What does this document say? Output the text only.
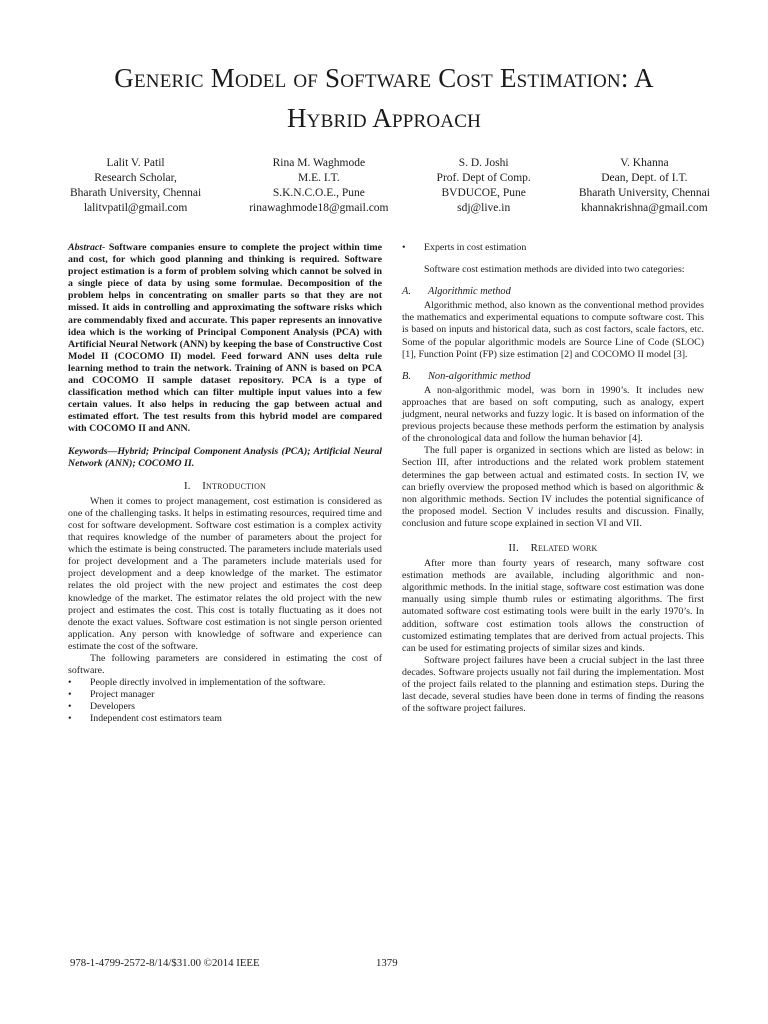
Generic Model of Software Cost Estimation: A
Hybrid Approach
Lalit V. Patil
Research Scholar,
Bharath University, Chennai
lalitvpatil@gmail.com
Rina M. Waghmode
M.E. I.T.
S.K.N.C.O.E., Pune
rinawaghmode18@gmail.com
S. D. Joshi
Prof. Dept of Comp.
BVDUCOE, Pune
sdj@live.in
V. Khanna
Dean, Dept. of I.T.
Bharath University, Chennai
khannakrishna@gmail.com

Abstract- Software companies ensure to complete the project within time and cost, for which good planning and thinking is required. Software project estimation is a form of problem solving which cannot be solved in a single piece of data by using some formulae. Decomposition of the problem helps in concentrating on smaller parts so that they are not missed. It aids in controlling and approximating the software risks which are commendably fixed and accurate. This paper represents an innovative idea which is the working of Principal Component Analysis (PCA) with Artificial Neural Network (ANN) by keeping the base of Constructive Cost Model II (COCOMO II) model. Feed forward ANN uses delta rule learning method to train the network. Training of ANN is based on PCA and COCOMO II sample dataset repository. PCA is a type of classification method which can filter multiple input values into a few certain values. It also helps in reducing the gap between actual and estimated effort. The test results from this hybrid model are compared with COCOMO II and ANN.

Keywords—Hybrid; Principal Component Analysis (PCA); Artificial Neural Network (ANN); COCOMO II.

I. Introduction

When it comes to project management, cost estimation is considered as one of the challenging tasks. It helps in estimating resources, required time and cost for software development. Software cost estimation is a complex activity that requires knowledge of the number of parameters about the project for which the estimate is being constructed. The parameters include materials used for project development and a The parameters include materials used for project development and a deep knowledge of the market. The estimator relates the old project with the new project and estimates the cost deep knowledge of the market. The estimator relates the old project with the new project and estimates the cost. This cost is totally fluctuating as it does not denote the exact values. Software cost estimation is not single person oriented application. Any person with knowledge of software and experience can estimate the cost of the software.

The following parameters are considered in estimating the cost of software.

• People directly involved in implementation of the software.
• Project manager
• Developers
• Independent cost estimators team
• Experts in cost estimation

Software cost estimation methods are divided into two categories:

A. Algorithmic method

Algorithmic method, also known as the conventional method provides the mathematics and experimental equations to compute software cost. This is based on inputs and historical data, such as cost factors, scale factors, etc. Some of the popular algorithmic models are Source Line of Code (SLOC) [1], Function Point (FP) size estimation [2] and COCOMO II model [3].

B. Non-algorithmic method

A non-algorithmic model, was born in 1990’s. It includes new approaches that are based on soft computing, such as analogy, expert judgment, neural networks and fuzzy logic. It is based on information of the previous projects because these methods perform the estimation by analysis of the chronological data and follow the human behavior [4].

The full paper is organized in sections which are listed as below: in Section III, after introductions and the related work problem statement determines the gap between actual and estimated costs. In section IV, we can briefly overview the proposed method which is based on algorithmic & non algorithmic methods. Section IV includes the potential significance of the proposed model. Section V includes results and discussion. Finally, conclusion and future scope explained in section VI and VII.

II. Related work

After more than fourty years of research, many software cost estimation methods are available, including algorithmic and non-algorithmic methods. In the initial stage, software cost estimation was done manually using simple thumb rules or estimating algorithms. The first automated software cost estimating tools were built in the early 1970’s. In addition, software cost estimation tools allows the construction of customized estimating templates that are derived from actual projects. This can be used for estimating projects of similar sizes and kinds.

Software project failures have been a crucial subject in the last three decades. Software projects usually not fail during the implementation. Most of the project fails related to the planning and estimation steps. During the last decade, several studies have been done in terms of finding the reasons of the software project failures.

978-1-4799-2572-8/14/$31.00 ©2014 IEEE	1379
